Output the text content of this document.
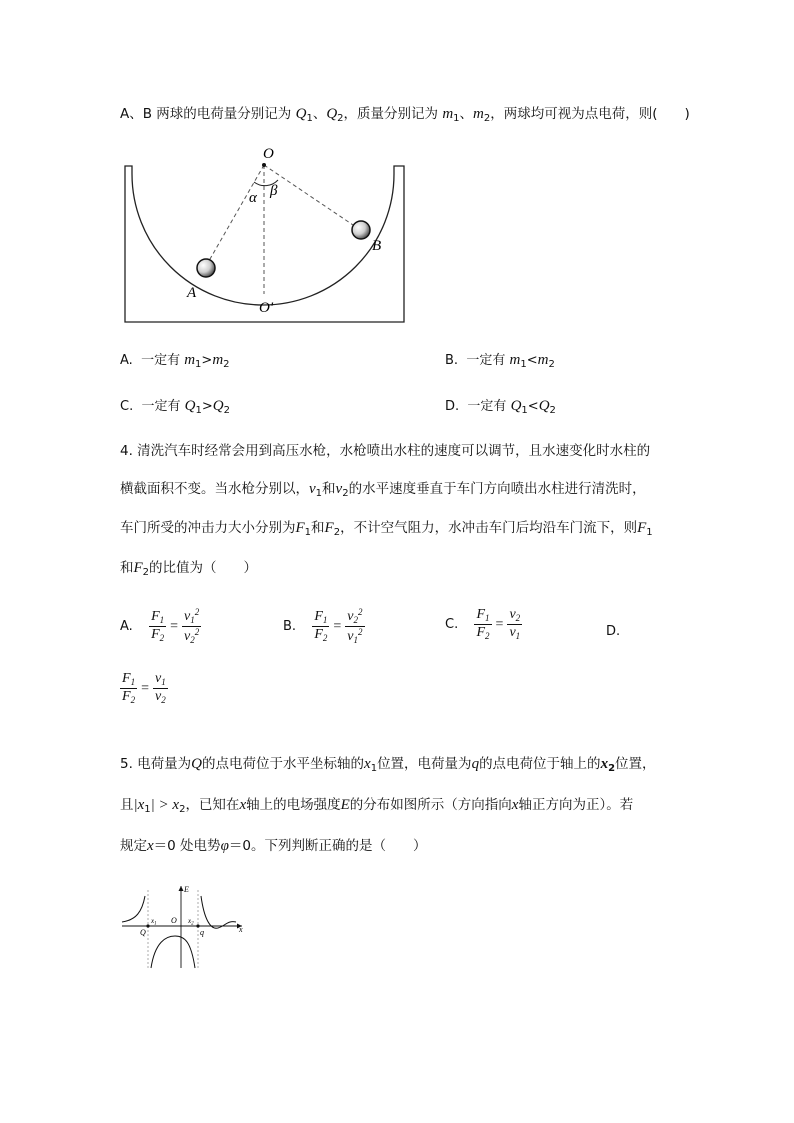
A、B 两球的电荷量分别记为 $Q_1$、$Q_2$，质量分别记为 $m_1$、$m_2$，两球均可视为点电荷，则(　　)
O
α β
A
B
O'
A. 一定有 $m_1>m_2$	B. 一定有 $m_1<m_2$
C. 一定有 $Q_1>Q_2$	D. 一定有 $Q_1<Q_2$
4. 清洗汽车时经常会用到高压水枪，水枪喷出水柱的速度可以调节，且水速变化时水柱的
横截面积不变。当水枪分别以，$v_1$和$v_2$的水平速度垂直于车门方向喷出水柱进行清洗时，
车门所受的冲击力大小分别为$F_1$和$F_2$，不计空气阻力，水冲击车门后均沿车门流下，则$F_1$
和$F_2$的比值为（　　）
A.
$\frac{F_1}{F_2} = \frac{v_1^2}{v_2^2}$	B.
$\frac{F_1}{F_2} = \frac{v_2^2}{v_1^2}$	C.
$\frac{F_1}{F_2} = \frac{v_2}{v_1}$	D.
$\frac{F_1}{F_2} = \frac{v_1}{v_2}$
5. 电荷量为Q的点电荷位于水平坐标轴的$x_1$位置，电荷量为q的点电荷位于轴上的$x_2$位置，
且$|x_1| > x_2$，已知在x轴上的电场强度E的分布如图所示（方向指向x轴正方向为正）。若
规定x＝0 处电势φ＝0。下列判断正确的是（　　）
E
x
O
Q	q
$x_1$	$x_2$
